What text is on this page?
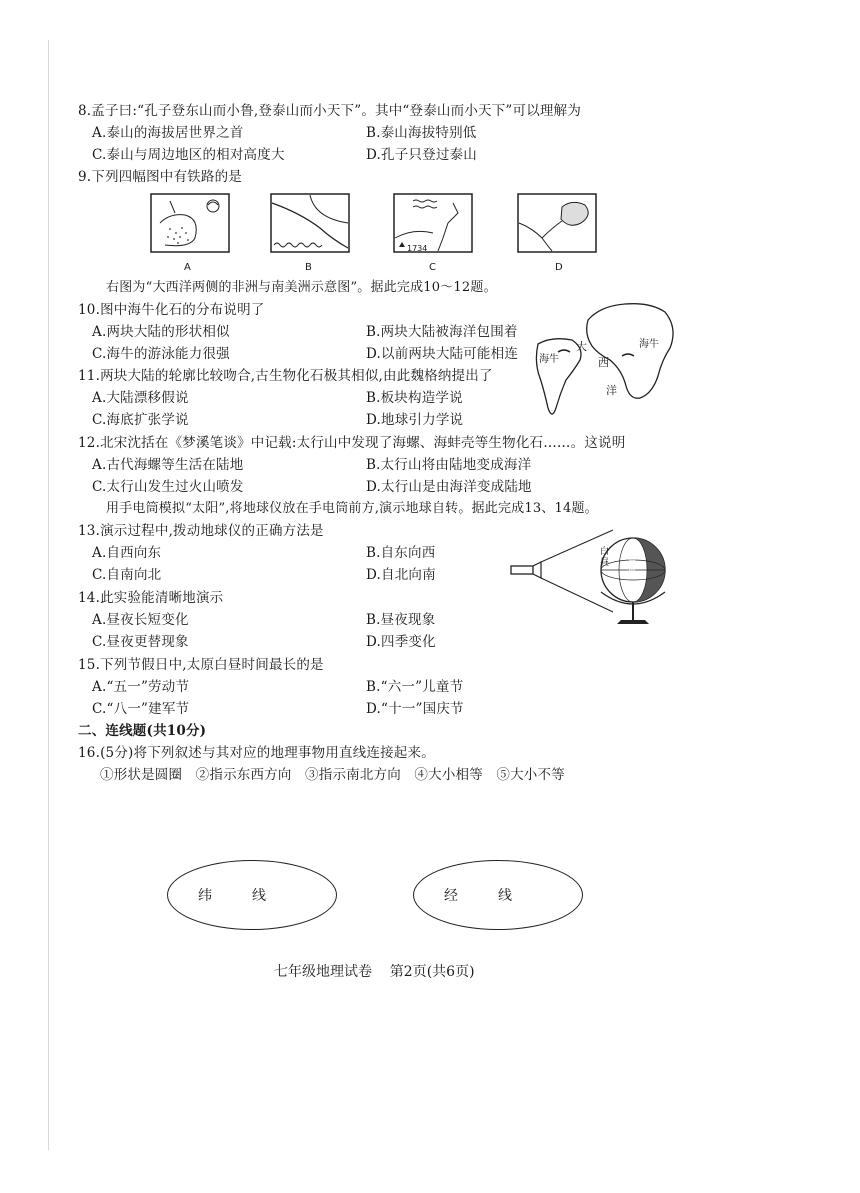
8.孟子曰:“孔子登东山而小鲁,登泰山而小天下”。其中“登泰山而小天下”可以理解为
A.泰山的海拔居世界之首	B.泰山海拔特别低
C.泰山与周边地区的相对高度大	D.孔子只登过泰山
9.下列四幅图中有铁路的是
A	B
1734
C	D
右图为“大西洋两侧的非洲与南美洲示意图”。据此完成10～12题。
10.图中海牛化石的分布说明了
A.两块大陆的形状相似	B.两块大陆被海洋包围着
C.海牛的游泳能力很强	D.以前两块大陆可能相连 海牛
海牛
大
西
洋
11.两块大陆的轮廓比较吻合,古生物化石极其相似,由此魏格纳提出了
A.大陆漂移假说	B.板块构造学说
C.海底扩张学说	D.地球引力学说
12.北宋沈括在《梦溪笔谈》中记载:太行山中发现了海螺、海蚌壳等生物化石……。这说明
A.古代海螺等生活在陆地	B.太行山将由陆地变成海洋
C.太行山发生过火山喷发	D.太行山是由海洋变成陆地
用手电筒模拟“太阳”,将地球仪放在手电筒前方,演示地球自转。据此完成13、14题。
13.演示过程中,拨动地球仪的正确方法是
A.自西向东	B.自东向西
C.自南向北	D.自北向南
白昼 黑夜
14.此实验能清晰地演示
A.昼夜长短变化	B.昼夜现象
C.昼夜更替现象	D.四季变化
15.下列节假日中,太原白昼时间最长的是
A.“五一”劳动节	B.“六一”儿童节
C.“八一”建军节	D.“十一”国庆节
二、连线题(共10分)
16.(5分)将下列叙述与其对应的地理事物用直线连接起来。
①形状是圆圈   ②指示东西方向   ③指示南北方向   ④大小相等   ⑤大小不等
纬线	经线
七年级地理试卷    第2页(共6页)
